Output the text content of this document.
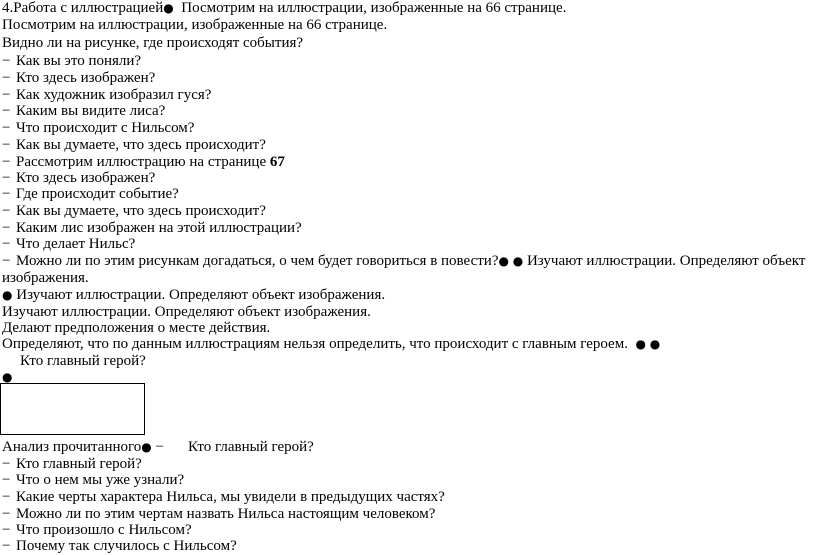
4.Работа с иллюстрацией● Посмотрим на иллюстрации, изображенные на 66 странице.
Посмотрим на иллюстрации, изображенные на 66 странице.
Видно ли на рисунке, где происходят события?
− Как вы это поняли?
− Кто здесь изображен?
− Как художник изобразил гуся?
− Каким вы видите лиса?
− Что происходит с Нильсом?
− Как вы думаете, что здесь происходит?
− Рассмотрим иллюстрацию на странице 67
− Кто здесь изображен?
− Где происходит событие?
− Как вы думаете, что здесь происходит?
− Каким лис изображен на этой иллюстрации?
− Что делает Нильс?
− Можно ли по этим рисункам догадаться, о чем будет говориться в повести?● ● Изучают иллюстрации. Определяют объект
изображения.
● Изучают иллюстрации. Определяют объект изображения.
Изучают иллюстрации. Определяют объект изображения.
Делают предположения о месте действия.
Определяют, что по данным иллюстрациям нельзя определить, что происходит с главным героем. ● ●
Кто главный герой?
●
Анализ прочитанного● − Кто главный герой?
− Кто главный герой?
− Что о нем мы уже узнали?
− Какие черты характера Нильса, мы увидели в предыдущих частях?
− Можно ли по этим чертам назвать Нильса настоящим человеком?
− Что произошло с Нильсом?
− Почему так случилось с Нильсом?
